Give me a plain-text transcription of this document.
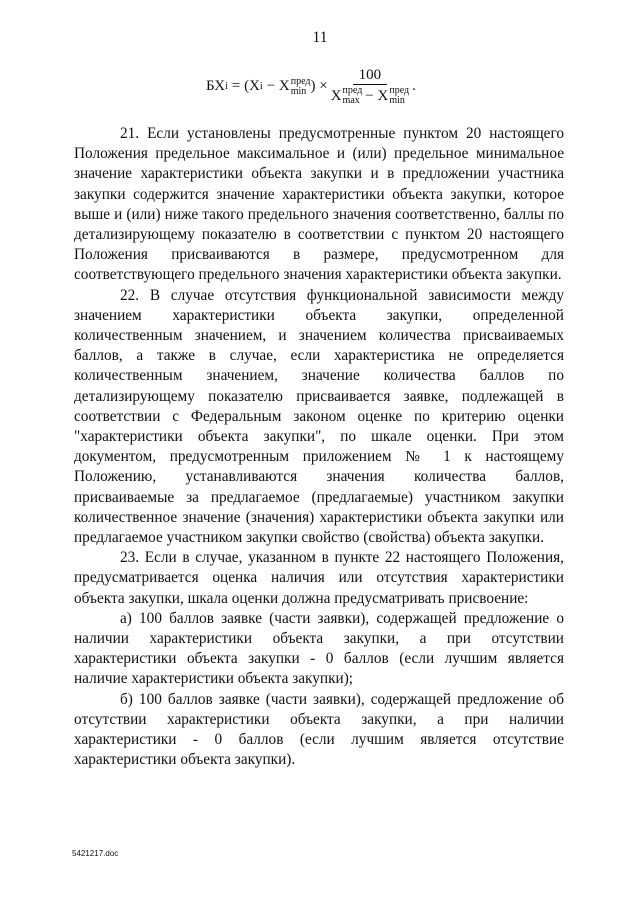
11
БХ i = (X i − X пред
min ) ×
100
X пред
max − X пред
min
.

21. Если установлены предусмотренные пунктом 20 настоящего Положения предельное максимальное и (или) предельное минимальное значение характеристики объекта закупки и в предложении участника закупки содержится значение характеристики объекта закупки, которое выше и (или) ниже такого предельного значения соответственно, баллы по детализирующему показателю в соответствии с пунктом 20 настоящего Положения присваиваются в размере, предусмотренном для соответствующего предельного значения характеристики объекта закупки.

22. В случае отсутствия функциональной зависимости между значением характеристики объекта закупки, определенной количественным значением, и значением количества присваиваемых баллов, а также в случае, если характеристика не определяется количественным значением, значение количества баллов по детализирующему показателю присваивается заявке, подлежащей в соответствии с Федеральным законом оценке по критерию оценки "характеристики объекта закупки", по шкале оценки. При этом документом, предусмотренным приложением № 1 к настоящему Положению, устанавливаются значения количества баллов, присваиваемые за предлагаемое (предлагаемые) участником закупки количественное значение (значения) характеристики объекта закупки или предлагаемое участником закупки свойство (свойства) объекта закупки.

23. Если в случае, указанном в пункте 22 настоящего Положения, предусматривается оценка наличия или отсутствия характеристики объекта закупки, шкала оценки должна предусматривать присвоение:

а) 100 баллов заявке (части заявки), содержащей предложение о наличии характеристики объекта закупки, а при отсутствии характеристики объекта закупки - 0 баллов (если лучшим является наличие характеристики объекта закупки);

б) 100 баллов заявке (части заявки), содержащей предложение об отсутствии характеристики объекта закупки, а при наличии характеристики - 0 баллов (если лучшим является отсутствие характеристики объекта закупки).

5421217.doc
